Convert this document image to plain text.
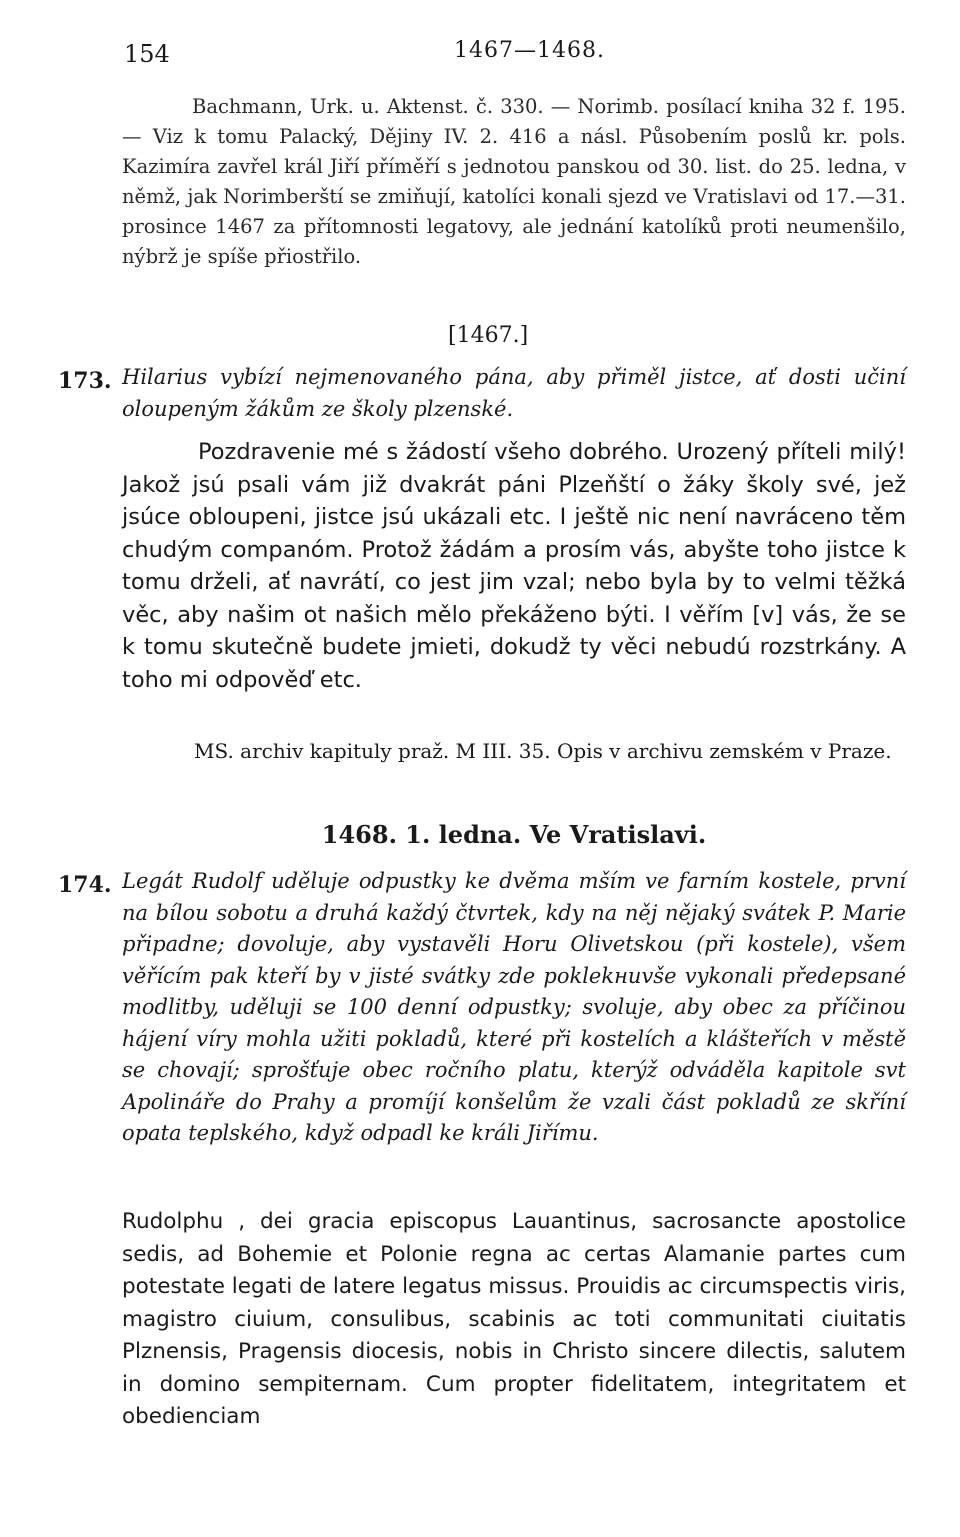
154	1467—1468.
Bachmann, Urk. u. Aktenst. č. 330. — Norimb. posílací kniha 32 f. 195. — Viz k tomu Palacký, Dějiny IV. 2. 416 a násl. Působením poslů kr. pols. Kazimíra zavřel král Jiří příměří s jednotou panskou od 30. list. do 25. ledna, v němž, jak Norimberští se zmiňují, katolíci konali sjezd ve Vratislavi od 17.—31. prosince 1467 za přítomnosti legatovy, ale jednání katolíků proti neumenšilo, nýbrž je spíše přiostřilo.
[1467.]
173. Hilarius vybízí nejmenovaného pána, aby přiměl jistce, ať dosti učiní oloupeným žákům ze školy plzenské.
Pozdravenie mé s žádostí všeho dobrého. Urozený příteli milý! Jakož jsú psali vám již dvakrát páni Plzeňští o žáky školy své, jež jsúce oblоupeni, jistce jsú ukázali etc. I ještě nic není navráceno těm chudým companóm. Protož žádám a prosím vás, abyšte toho jistce k tomu drželi, ať navrátí, co jest jim vzal; nebo byla by to velmi těžká věc, aby našim ot našich mělo překáženo býti. I věřím [v] vás, že se k tomu skutečně budete jmieti, dokudž ty věci nebudú rozstrkány. A toho mi odpověď etc.
MS. archiv kapituly praž. M III. 35. Opis v archivu zemském v Praze.
1468. 1. ledna. Ve Vratislavi.
174. Legát Rudolf uděluje odpustky ke dvěma mším ve farním kostele, první na bílou sobotu a druhá každý čtvrtek, kdy na něj nějaký svátek P. Marie připadne; dovoluje, aby vystavěli Horu Olivetskou (při kostele), všem věřícím pak kteří by v jisté svátky zde poklekнuvše vykonali předepsané modlitby, uděluji se 100 denní odpustky; svoluje, aby obec za příčinou hájení víry mohla užiti pokladů, které při kostelích a klášteřích v městě se chovají; sprošťuje obec ročního platu, kterýž odváděla kapitole svt Apolináře do Prahy a promíjí konšelům že vzali část pokladů ze skříní opata teplského, když odpadl ke králi Jiřímu.
Rudolphu , dei gracia episcopus Lauantinus, sacrosancte apostolice sedis, ad Bohemie et Polonie regna ac certas Alamanie partes cum potestate legati de latere legatus missus. Prouidis ac circumspectis viris, magistro ciuium, consulibus, scabinis ac toti communitati ciuitatis Plznensis, Pragensis diocesis, nobis in Christo sincere dilectis, salutem in domino sempiternam. Cum propter fidelitatem, integritatem et obedienciam
